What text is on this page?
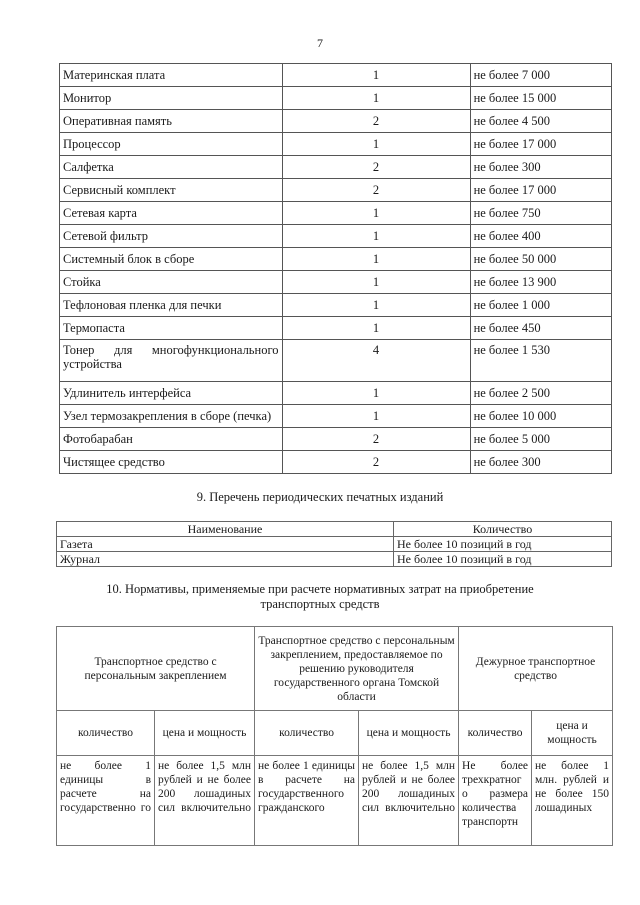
7
Материнская плата	1	не более 7 000
Монитор	1	не более 15 000
Оперативная память	2	не более 4 500
Процессор	1	не более 17 000
Салфетка	2	не более 300
Сервисный комплект	2	не более 17 000
Сетевая карта	1	не более 750
Сетевой фильтр	1	не более 400
Системный блок в сборе	1	не более 50 000
Стойка	1	не более 13 900
Тефлоновая пленка для печки	1	не более 1 000
Термопаста	1	не более 450
Тонер для многофункционального устройства	4	не более 1 530
Удлинитель интерфейса	1	не более 2 500
Узел термозакрепления в сборе (печка)	1	не более 10 000
Фотобарабан	2	не более 5 000
Чистящее средство	2	не более 300
9. Перечень периодических печатных изданий
Наименование	Количество
Газета	Не более 10 позиций в год
Журнал	Не более 10 позиций в год
10. Нормативы, применяемые при расчете нормативных затрат на приобретение
транспортных средств
Транспортное средство с персональным закреплением		Транспортное средство с персональным закреплением, предоставляемое по решению руководителя государственного органа Томской области		Дежурное транспортное средство	
количество	цена и мощность	количество	цена и мощность	количество	цена и мощность
не более 1 единицы в расчете на государственно го	не более 1,5 млн рублей и не более 200 лошадиных сил включительно	не более 1 единицы в расчете на государственного гражданского	не более 1,5 млн рублей и не более 200 лошадиных сил включительно	Не более трехкратног о размера количества транспортн	не более 1 млн. рублей и не более 150 лошадиных
